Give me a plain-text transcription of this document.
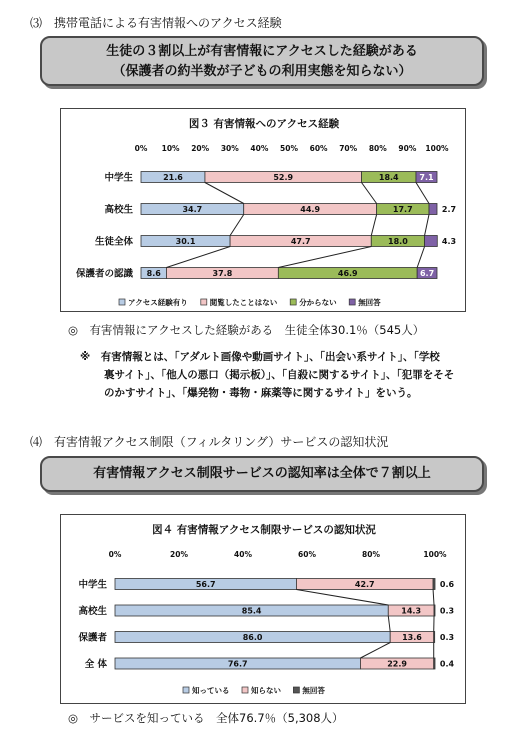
⑶　携帯電話による有害情報へのアクセス経験
生徒の３割以上が有害情報にアクセスした経験がある
（保護者の約半数が子どもの利用実態を知らない）
図３ 有害情報へのアクセス経験
0% 10% 20% 30% 40% 50% 60% 70% 80% 90% 100%
中学生	21.6	52.9	18.4	7.1
高校生	34.7	44.9	17.7	2.7
生徒全体	30.1	47.7	18.0	4.3
保護者の認識 8.6	37.8	46.9	6.7
アクセス経験有り	閲覧したことはない	分からない	無回答
◎　有害情報にアクセスした経験がある　生徒全体30.1％（545人）
※　有害情報とは、「アダルト画像や動画サイト」、「出会い系サイト」、「学校
裏サイト」、「他人の悪口（掲示板）」、「自殺に関するサイト」、「犯罪をそそ
のかすサイト」、「爆発物・毒物・麻薬等に関するサイト」をいう。
⑷　有害情報アクセス制限（フィルタリング）サービスの認知状況
有害情報アクセス制限サービスの認知率は全体で７割以上
図４ 有害情報アクセス制限サービスの認知状況
0%	20%	40%	60%	80%	100%
中学生	56.7	42.7	0.6
高校生	85.4	14.3 0.3
保護者	86.0	13.6 0.3
全 体	76.7	22.9	0.4
知っている	知らない	無回答
◎　サービスを知っている　全体76.7％（5,308人）
